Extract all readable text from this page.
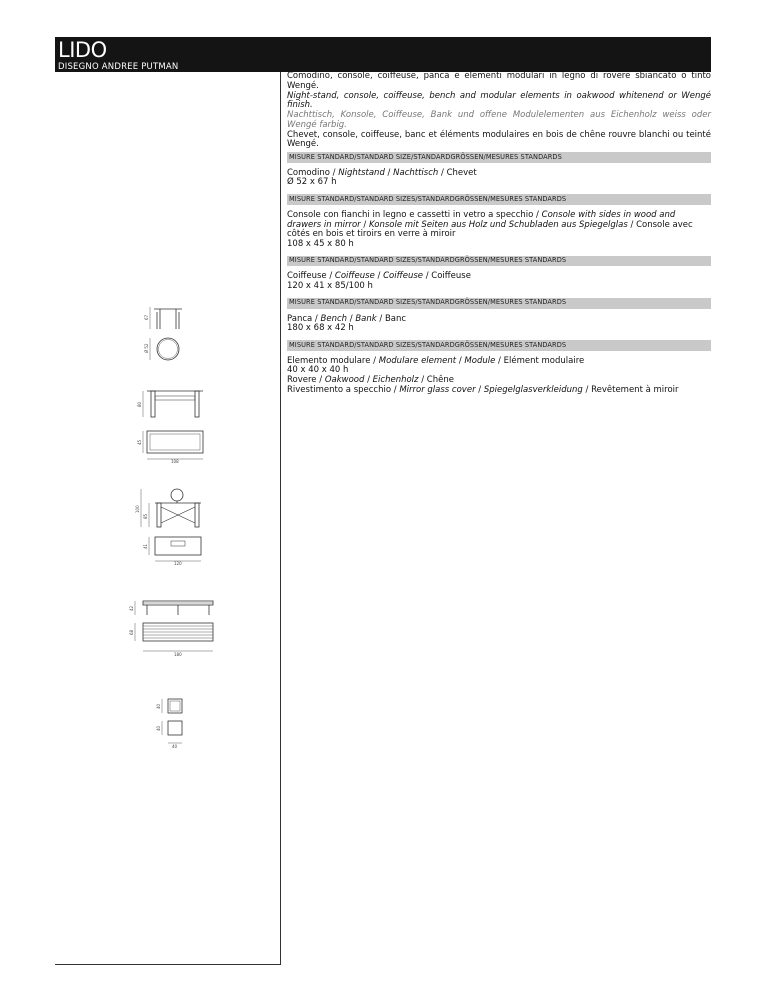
LIDO
DISEGNO ANDREE PUTMAN
67
Ø 52
80
45
108
100
85
41
120
42
68
180
40
40
40

Comodino, console, coiffeuse, panca e elementi modulari in legno di rovere sbiancato o tinto Wengé.

Night-stand, console, coiffeuse, bench and modular elements in oakwood whitenend or Wengé finish.

Nachttisch, Konsole, Coiffeuse, Bank und offene Modulelementen aus Eichenholz weiss oder Wengé farbig.

Chevet, console, coiffeuse, banc et éléments modulaires en bois de chêne rouvre blanchi ou teinté Wengé.

MISURE STANDARD/STANDARD SIZE/STANDARDGRÖSSEN/MESURES STANDARDS

Comodino / Nightstand / Nachttisch / Chevet

Ø 52 x 67 h

MISURE STANDARD/STANDARD SIZES/STANDARDGRÖSSEN/MESURES STANDARDS

Console con fianchi in legno e cassetti in vetro a specchio / Console with sides in wood and drawers in mirror / Konsole mit Seiten aus Holz und Schubladen aus Spiegelglas / Console avec côtés en bois et tiroirs en verre à miroir

108 x 45 x 80 h

MISURE STANDARD/STANDARD SIZES/STANDARDGRÖSSEN/MESURES STANDARDS

Coiffeuse / Coiffeuse / Coiffeuse / Coiffeuse

120 x 41 x 85/100 h

MISURE STANDARD/STANDARD SIZES/STANDARDGRÖSSEN/MESURES STANDARDS

Panca / Bench / Bank / Banc

180 x 68 x 42 h

MISURE STANDARD/STANDARD SIZES/STANDARDGRÖSSEN/MESURES STANDARDS

Elemento modulare / Modulare element / Module / Elément modulaire

40 x 40 x 40 h

Rovere / Oakwood / Eichenholz / Chêne

Rivestimento a specchio / Mirror glass cover / Spiegelglasverkleidung / Revêtement à miroir
